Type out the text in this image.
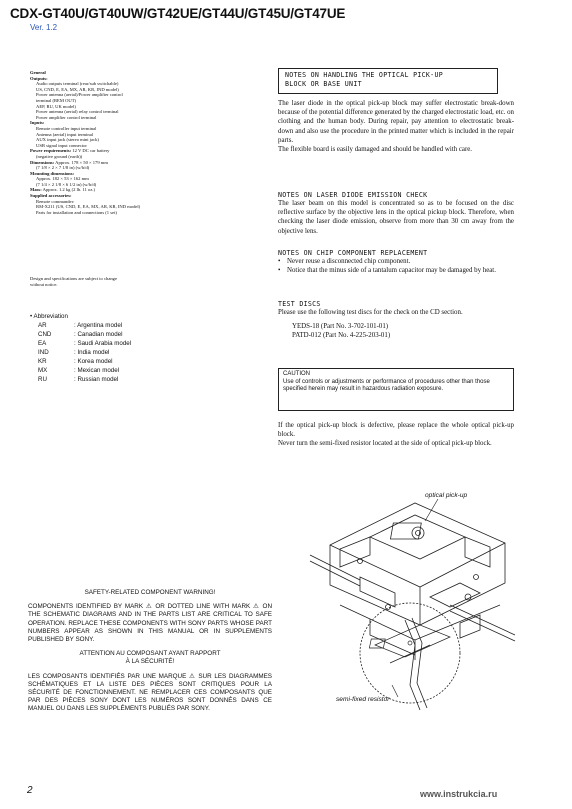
CDX-GT40U/GT40UW/GT42UE/GT44U/GT45U/GT47UE
Ver. 1.2
General
Outputs:
Audio outputs terminal (rear/sub switchable)
US, CND, E, EA, MX, AR, KR, IND model)
Power antenna (aerial)/Power amplifier control
terminal (REM OUT)
AEP, RU, UK model)
Power antenna (aerial) relay control terminal
Power amplifier control terminal
Inputs:
Remote controller input terminal
Antenna (aerial) input terminal
AUX input jack (stereo mini jack)
USB signal input connector
Power requirements: 12 V DC car battery
(negative ground (earth))
Dimensions: Approx. 178 × 50 × 179 mm
(7 1/8 × 2 × 7 1/8 in) (w/h/d)
Mounting dimensions:
Approx. 182 × 53 × 162 mm
(7 1/4 × 2 1/8 × 6 1/2 in) (w/h/d)
Mass: Approx. 1.2 kg (2 lb. 11 oz.)
Supplied accessories:
Remote commander:
RM-X211 (US, CND, E, EA, MX, AR, KR, IND model)
Parts for installation and connections (1 set)
Design and specifications are subject to change
without notice.
• Abbreviation
AR	: Argentina model
CND	: Canadian model
EA	: Saudi Arabia model
IND	: India model
KR	: Korea model
MX	: Mexican model
RU	: Russian model
NOTES ON HANDLING THE OPTICAL PICK-UP
BLOCK OR BASE UNIT
The laser diode in the optical pick-up block may suffer electrostatic break-down because of the potential difference generated by the charged electrostatic load, etc. on clothing and the human body. During repair, pay attention to electrostatic break-down and also use the procedure in the printed matter which is included in the repair parts.
The flexible board is easily damaged and should be handled with care.
NOTES ON LASER DIODE EMISSION CHECK
The laser beam on this model is concentrated so as to be focused on the disc reflective surface by the objective lens in the optical pickup block. Therefore, when checking the laser diode emission, observe from more than 30 cm away from the objective lens.
NOTES ON CHIP COMPONENT REPLACEMENT
• Never reuse a disconnected chip component.
• Notice that the minus side of a tantalum capacitor may be damaged by heat.
TEST DISCS
Please use the following test discs for the check on the CD section.
YEDS-18 (Part No. 3-702-101-01)
PATD-012 (Part No. 4-225-203-01)
CAUTION
Use of controls or adjustments or performance of procedures other than those specified herein may result in hazardous radiation exposure.
If the optical pick-up block is defective, please replace the whole optical pick-up block.
Never turn the semi-fixed resistor located at the side of optical pick-up block.
optical pick-up
semi-fixed resistor
SAFETY-RELATED COMPONENT WARNING!
COMPONENTS IDENTIFIED BY MARK ⚠ OR DOTTED LINE WITH MARK ⚠ ON THE SCHEMATIC DIAGRAMS AND IN THE PARTS LIST ARE CRITICAL TO SAFE OPERATION. REPLACE THESE COMPONENTS WITH SONY PARTS WHOSE PART NUMBERS APPEAR AS SHOWN IN THIS MANUAL OR IN SUPPLEMENTS PUBLISHED BY SONY.
ATTENTION AU COMPOSANT AYANT RAPPORT
À LA SÉCURITÉ!
LES COMPOSANTS IDENTIFIÉS PAR UNE MARQUE ⚠ SUR LES DIAGRAMMES SCHÉMATIQUES ET LA LISTE DES PIÈCES SONT CRITIQUES POUR LA SÉCURITÉ DE FONCTIONNEMENT. NE REMPLACER CES COMPOSANTS QUE PAR DES PIÈCES SONY DONT LES NUMÉROS SONT DONNÉS DANS CE MANUEL OU DANS LES SUPPLÉMENTS PUBLIÉS PAR SONY.
2	www.instrukcia.ru
